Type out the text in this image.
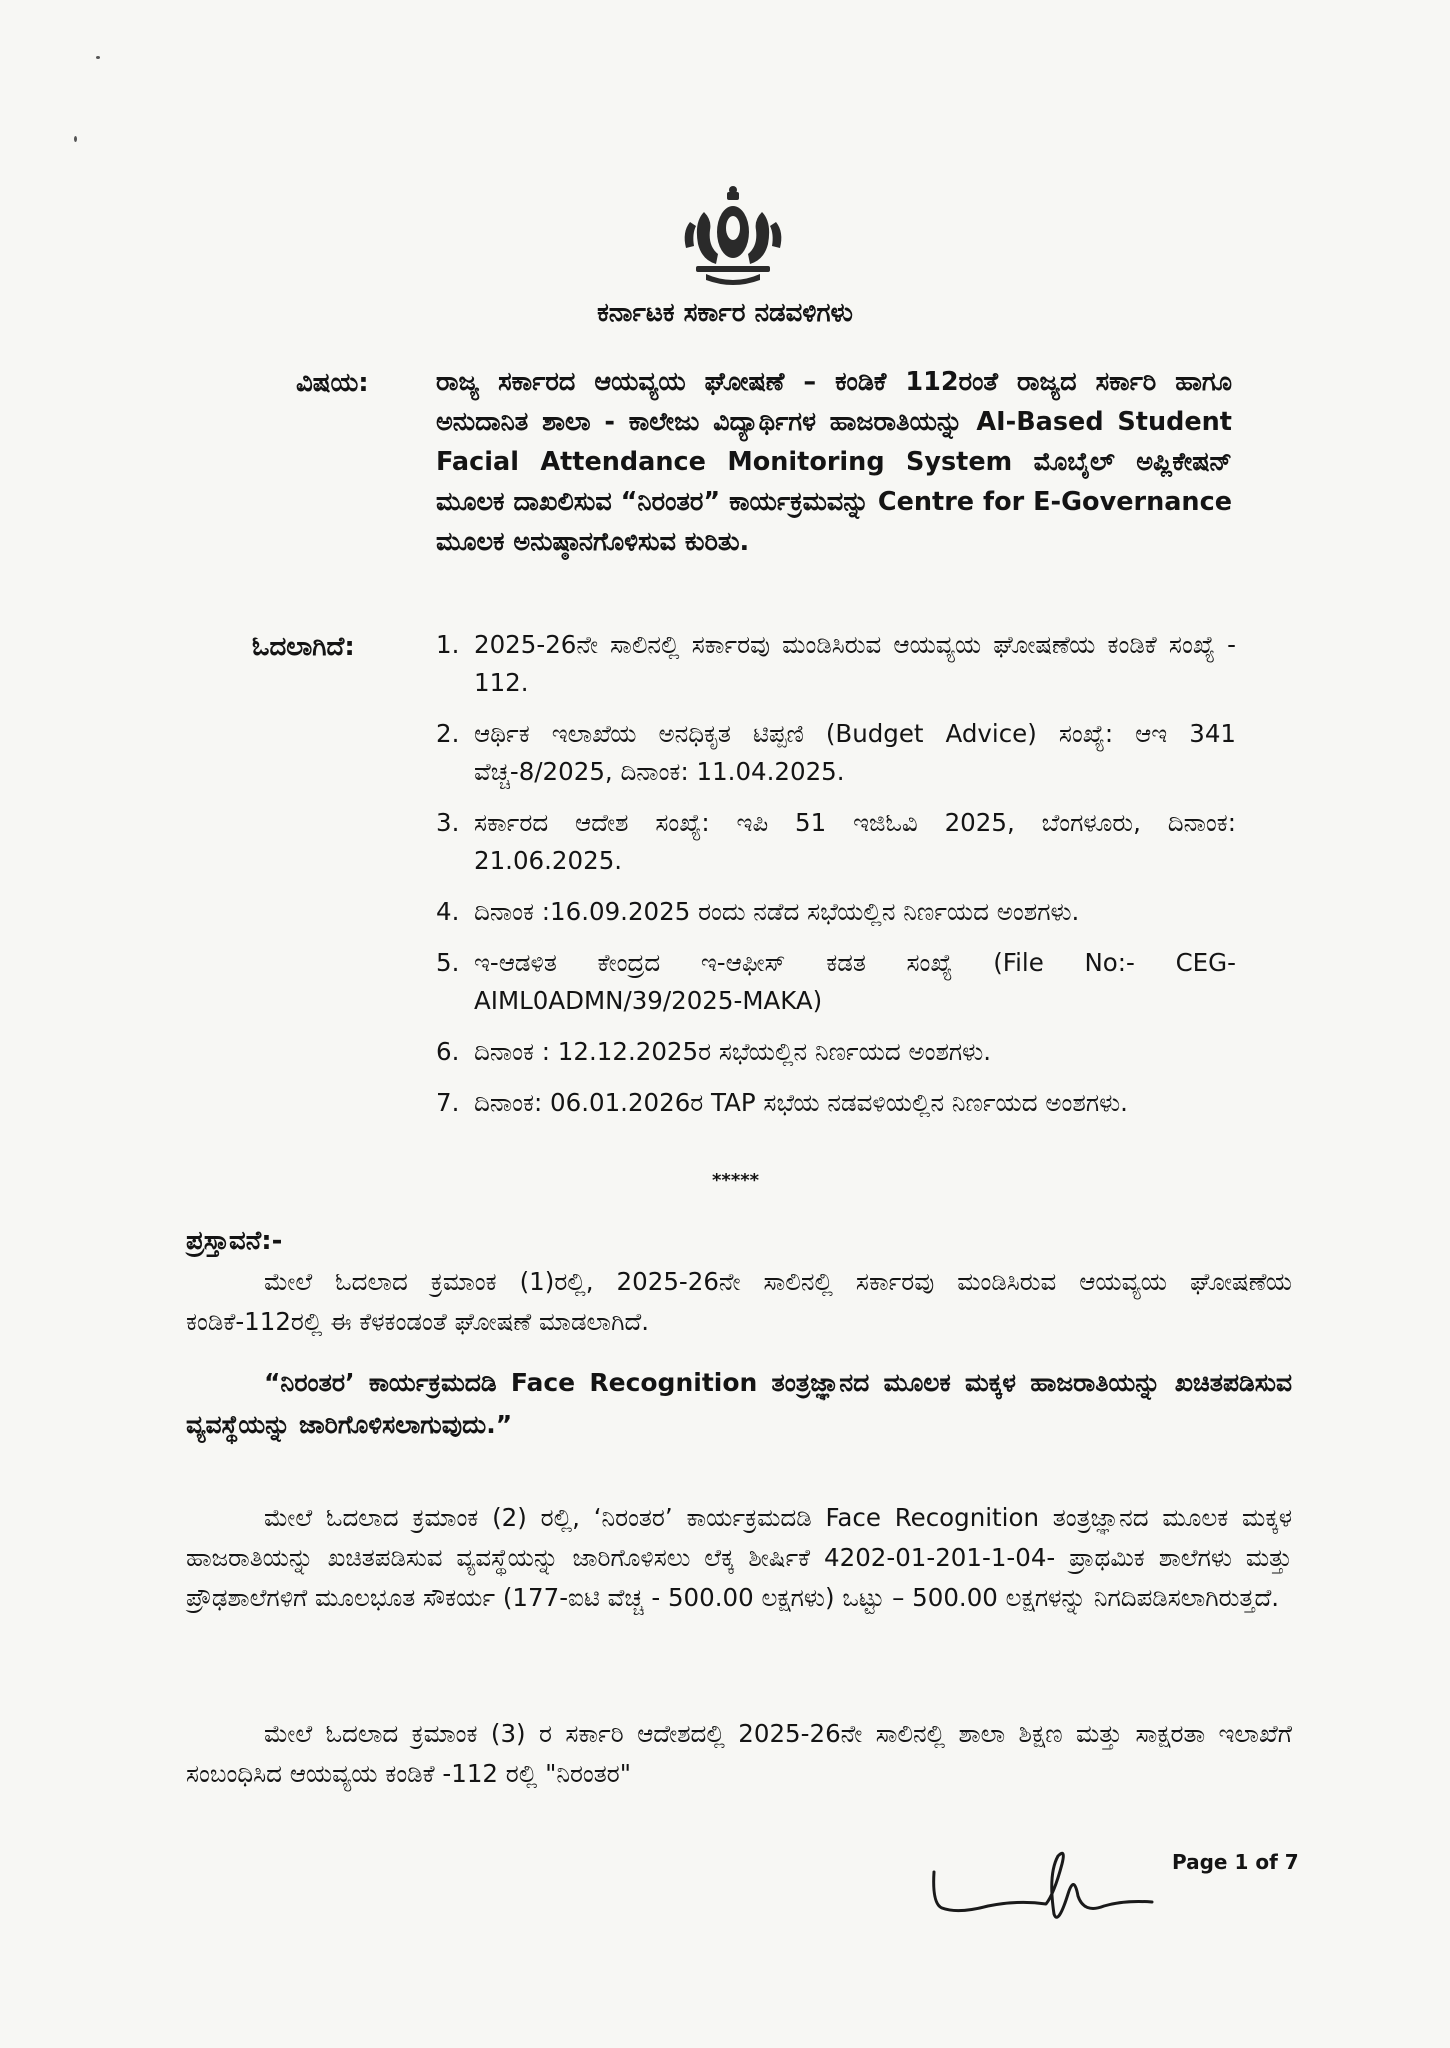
ಕರ್ನಾಟಕ ಸರ್ಕಾರ ನಡವಳಿಗಳು
ವಿಷಯ:	ರಾಜ್ಯ ಸರ್ಕಾರದ ಆಯವ್ಯಯ ಘೋಷಣೆ – ಕಂಡಿಕೆ 112ರಂತೆ ರಾಜ್ಯದ ಸರ್ಕಾರಿ ಹಾಗೂ ಅನುದಾನಿತ ಶಾಲಾ - ಕಾಲೇಜು ವಿದ್ಯಾರ್ಥಿಗಳ ಹಾಜರಾತಿಯನ್ನು AI-Based Student Facial Attendance Monitoring System ಮೊಬೈಲ್ ಅಪ್ಲಿಕೇಷನ್ ಮೂಲಕ ದಾಖಲಿಸುವ “ನಿರಂತರ” ಕಾರ್ಯಕ್ರಮವನ್ನು Centre for E-Governance ಮೂಲಕ ಅನುಷ್ಠಾನಗೊಳಿಸುವ ಕುರಿತು.
ಓದಲಾಗಿದೆ:	1. 2025-26ನೇ ಸಾಲಿನಲ್ಲಿ ಸರ್ಕಾರವು ಮಂಡಿಸಿರುವ ಆಯವ್ಯಯ ಘೋಷಣೆಯ ಕಂಡಿಕೆ ಸಂಖ್ಯೆ - 112.
2. ಆರ್ಥಿಕ ಇಲಾಖೆಯ ಅನಧಿಕೃತ ಟಿಪ್ಪಣಿ (Budget Advice) ಸಂಖ್ಯೆ: ಆಇ 341 ವೆಚ್ಚ-8/2025, ದಿನಾಂಕ: 11.04.2025.
3. ಸರ್ಕಾರದ ಆದೇಶ ಸಂಖ್ಯೆ: ಇಪಿ 51 ಇಜಿಓವಿ 2025, ಬೆಂಗಳೂರು, ದಿನಾಂಕ: 21.06.2025.
4. ದಿನಾಂಕ :16.09.2025 ರಂದು ನಡೆದ ಸಭೆಯಲ್ಲಿನ ನಿರ್ಣಯದ ಅಂಶಗಳು.
5. ಇ-ಆಡಳಿತ ಕೇಂದ್ರದ ಇ-ಆಫೀಸ್ ಕಡತ ಸಂಖ್ಯೆ (File No:- CEG-AIML0ADMN/39/2025-MAKA)
6. ದಿನಾಂಕ : 12.12.2025ರ ಸಭೆಯಲ್ಲಿನ ನಿರ್ಣಯದ ಅಂಶಗಳು.
7. ದಿನಾಂಕ: 06.01.2026ರ TAP ಸಭೆಯ ನಡವಳಿಯಲ್ಲಿನ ನಿರ್ಣಯದ ಅಂಶಗಳು.
*****
ಪ್ರಸ್ತಾವನೆ:-
ಮೇಲೆ ಓದಲಾದ ಕ್ರಮಾಂಕ (1)ರಲ್ಲಿ, 2025-26ನೇ ಸಾಲಿನಲ್ಲಿ ಸರ್ಕಾರವು ಮಂಡಿಸಿರುವ ಆಯವ್ಯಯ ಘೋಷಣೆಯ ಕಂಡಿಕೆ-112ರಲ್ಲಿ ಈ ಕೆಳಕಂಡಂತೆ ಘೋಷಣೆ ಮಾಡಲಾಗಿದೆ.
“ನಿರಂತರ’ ಕಾರ್ಯಕ್ರಮದಡಿ Face Recognition ತಂತ್ರಜ್ಞಾನದ ಮೂಲಕ ಮಕ್ಕಳ ಹಾಜರಾತಿಯನ್ನು ಖಚಿತಪಡಿಸುವ ವ್ಯವಸ್ಥೆಯನ್ನು ಜಾರಿಗೊಳಿಸಲಾಗುವುದು.”
ಮೇಲೆ ಓದಲಾದ ಕ್ರಮಾಂಕ (2) ರಲ್ಲಿ, ‘ನಿರಂತರ’ ಕಾರ್ಯಕ್ರಮದಡಿ Face Recognition ತಂತ್ರಜ್ಞಾನದ ಮೂಲಕ ಮಕ್ಕಳ ಹಾಜರಾತಿಯನ್ನು ಖಚಿತಪಡಿಸುವ ವ್ಯವಸ್ಥೆಯನ್ನು ಜಾರಿಗೊಳಿಸಲು ಲೆಕ್ಕ ಶೀರ್ಷಿಕೆ 4202-01-201-1-04- ಪ್ರಾಥಮಿಕ ಶಾಲೆಗಳು ಮತ್ತು ಪ್ರೌಢಶಾಲೆಗಳಿಗೆ ಮೂಲಭೂತ ಸೌಕರ್ಯ (177-ಐಟಿ ವೆಚ್ಚ - 500.00 ಲಕ್ಷಗಳು) ಒಟ್ಟು – 500.00 ಲಕ್ಷಗಳನ್ನು ನಿಗದಿಪಡಿಸಲಾಗಿರುತ್ತದೆ.
ಮೇಲೆ ಓದಲಾದ ಕ್ರಮಾಂಕ (3) ರ ಸರ್ಕಾರಿ ಆದೇಶದಲ್ಲಿ 2025-26ನೇ ಸಾಲಿನಲ್ಲಿ ಶಾಲಾ ಶಿಕ್ಷಣ ಮತ್ತು ಸಾಕ್ಷರತಾ ಇಲಾಖೆಗೆ ಸಂಬಂಧಿಸಿದ ಆಯವ್ಯಯ ಕಂಡಿಕೆ -112 ರಲ್ಲಿ "ನಿರಂತರ"
Page 1 of 7
